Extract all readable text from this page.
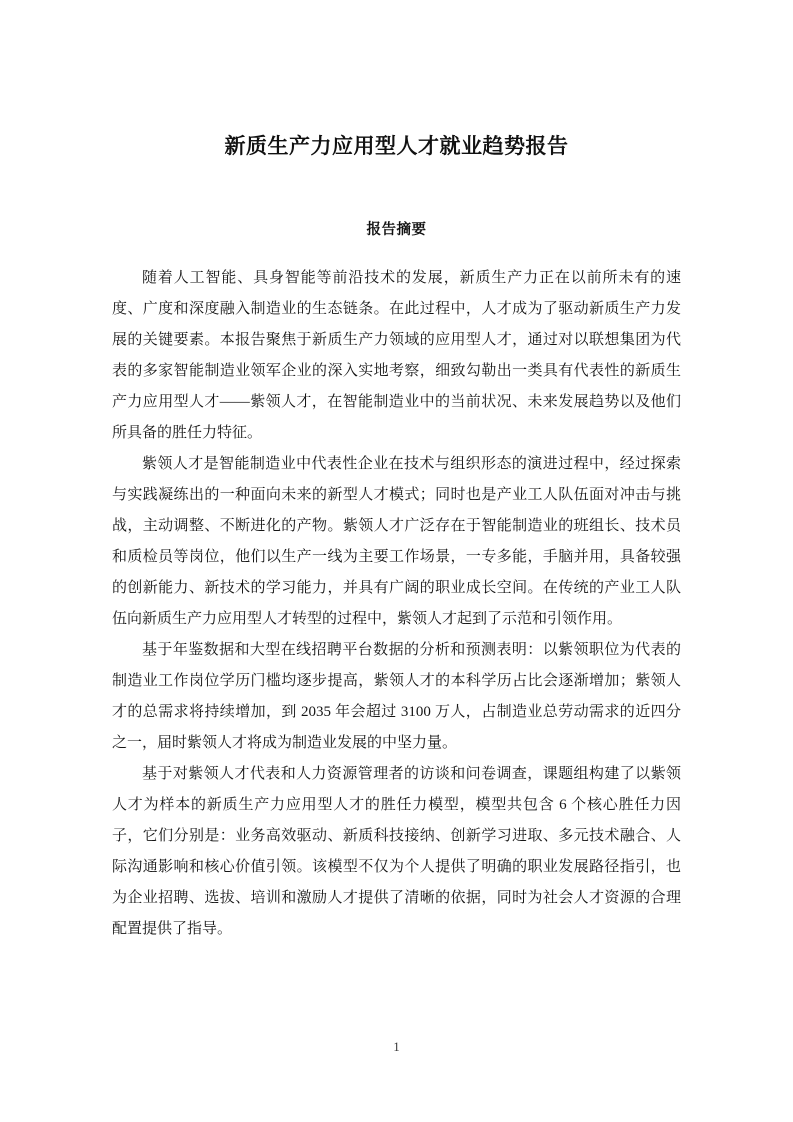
新质生产力应用型人才就业趋势报告
报告摘要

随着人工智能、具身智能等前沿技术的发展，新质生产力正在以前所未有的速度、广度和深度融入制造业的生态链条。在此过程中，人才成为了驱动新质生产力发展的关键要素。本报告聚焦于新质生产力领域的应用型人才，通过对以联想集团为代表的多家智能制造业领军企业的深入实地考察，细致勾勒出一类具有代表性的新质生产力应用型人才——紫领人才，在智能制造业中的当前状况、未来发展趋势以及他们所具备的胜任力特征。

紫领人才是智能制造业中代表性企业在技术与组织形态的演进过程中，经过探索与实践凝练出的一种面向未来的新型人才模式；同时也是产业工人队伍面对冲击与挑战，主动调整、不断进化的产物。紫领人才广泛存在于智能制造业的班组长、技术员和质检员等岗位，他们以生产一线为主要工作场景，一专多能，手脑并用，具备较强的创新能力、新技术的学习能力，并具有广阔的职业成长空间。在传统的产业工人队伍向新质生产力应用型人才转型的过程中，紫领人才起到了示范和引领作用。

基于年鉴数据和大型在线招聘平台数据的分析和预测表明：以紫领职位为代表的制造业工作岗位学历门槛均逐步提高，紫领人才的本科学历占比会逐渐增加；紫领人才的总需求将持续增加，到 2035 年会超过 3100 万人，占制造业总劳动需求的近四分之一，届时紫领人才将成为制造业发展的中坚力量。

基于对紫领人才代表和人力资源管理者的访谈和问卷调查，课题组构建了以紫领人才为样本的新质生产力应用型人才的胜任力模型，模型共包含 6 个核心胜任力因子，它们分别是：业务高效驱动、新质科技接纳、创新学习进取、多元技术融合、人际沟通影响和核心价值引领。该模型不仅为个人提供了明确的职业发展路径指引，也为企业招聘、选拔、培训和激励人才提供了清晰的依据，同时为社会人才资源的合理配置提供了指导。

1
